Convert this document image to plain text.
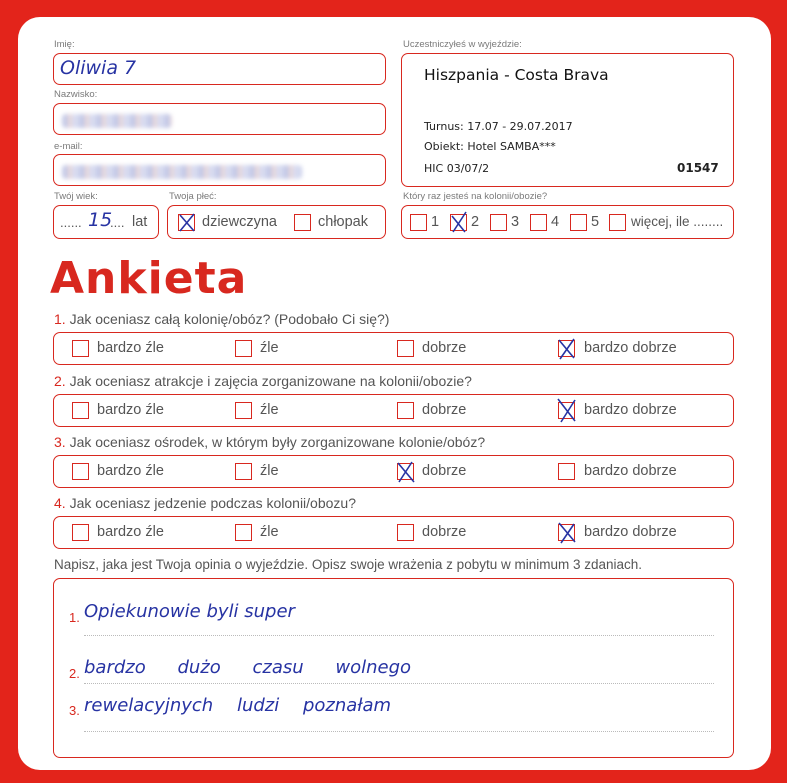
Imię:
Oliwia 7
Nazwisko:
e-mail:
Twój wiek:
...... 15
.... lat
Twoja płeć:
dziewczyna	chłopak
Uczestniczyłeś w wyjeździe:
Hiszpania - Costa Brava
Turnus: 17.07 - 29.07.2017
Obiekt: Hotel SAMBA***
HIC 03/07/2	01547
Który raz jesteś na kolonii/obozie?
1 2 3 4 5 więcej, ile ........
Ankieta
1. Jak oceniasz całą kolonię/obóz? (Podobało Ci się?)
bardzo źle	źle	dobrze	bardzo dobrze
2. Jak oceniasz atrakcje i zajęcia zorganizowane na kolonii/obozie?
bardzo źle	źle	dobrze	bardzo dobrze
3. Jak oceniasz ośrodek, w którym były zorganizowane kolonie/obóz?
bardzo źle	źle	dobrze	bardzo dobrze
4. Jak oceniasz jedzenie podczas kolonii/obozu?
bardzo źle	źle	dobrze	bardzo dobrze
Napisz, jaka jest Twoja opinia o wyjeździe. Opisz swoje wrażenia z pobytu w minimum 3 zdaniach.
1. Opiekunowie byli super
2. bardzo dużo czasu wolnego
3. rewelacyjnych ludzi poznałam
